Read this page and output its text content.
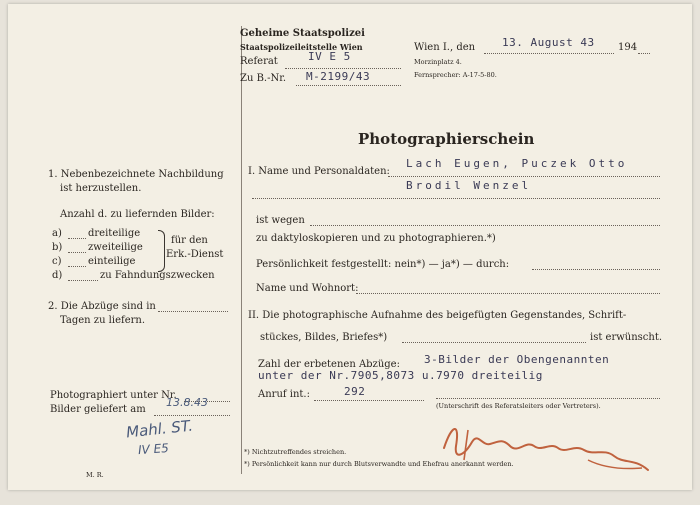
Geheime Staatspolizei
Staatspolizeileitstelle Wien
Referat	IV E 5
Zu B.-Nr. M-2199/43
Wien I., den 13. August 43 194
Morzinplatz 4.
Fernsprecher: A-17-5-80.
Photographierschein
1. Nebenbezeichnete Nachbildung
ist herzustellen.
Anzahl d. zu liefernden Bilder:
a)	dreiteilige
b)	zweiteilige
c)	einteilige
d)	zu Fahndungszwecken
für den
Erk.-Dienst
2. Die Abzüge sind in
Tagen zu liefern.
Photographiert unter Nr.
Bilder geliefert am
13.8.43
Mahl. ST.
IV E5
M. R.
I. Name und Personaldaten:
Lach Eugen, Puczek Otto
Brodil Wenzel
ist wegen
zu daktyloskopieren und zu photographieren.*)
Persönlichkeit festgestellt: nein*) — ja*) — durch:
Name und Wohnort:
II. Die photographische Aufnahme des beigefügten Gegenstandes, Schrift-
stückes, Bildes, Briefes*)	ist erwünscht.
Zahl der erbetenen Abzüge: 3-Bilder der Obengenannten
unter der Nr.7905,8073 u.7970 dreiteilig
Anruf int.:	292
(Unterschrift des Referatsleiters oder Vertreters).
*) Nichtzutreffendes streichen.
*) Persönlichkeit kann nur durch Blutsverwandte und Ehefrau anerkannt werden.
